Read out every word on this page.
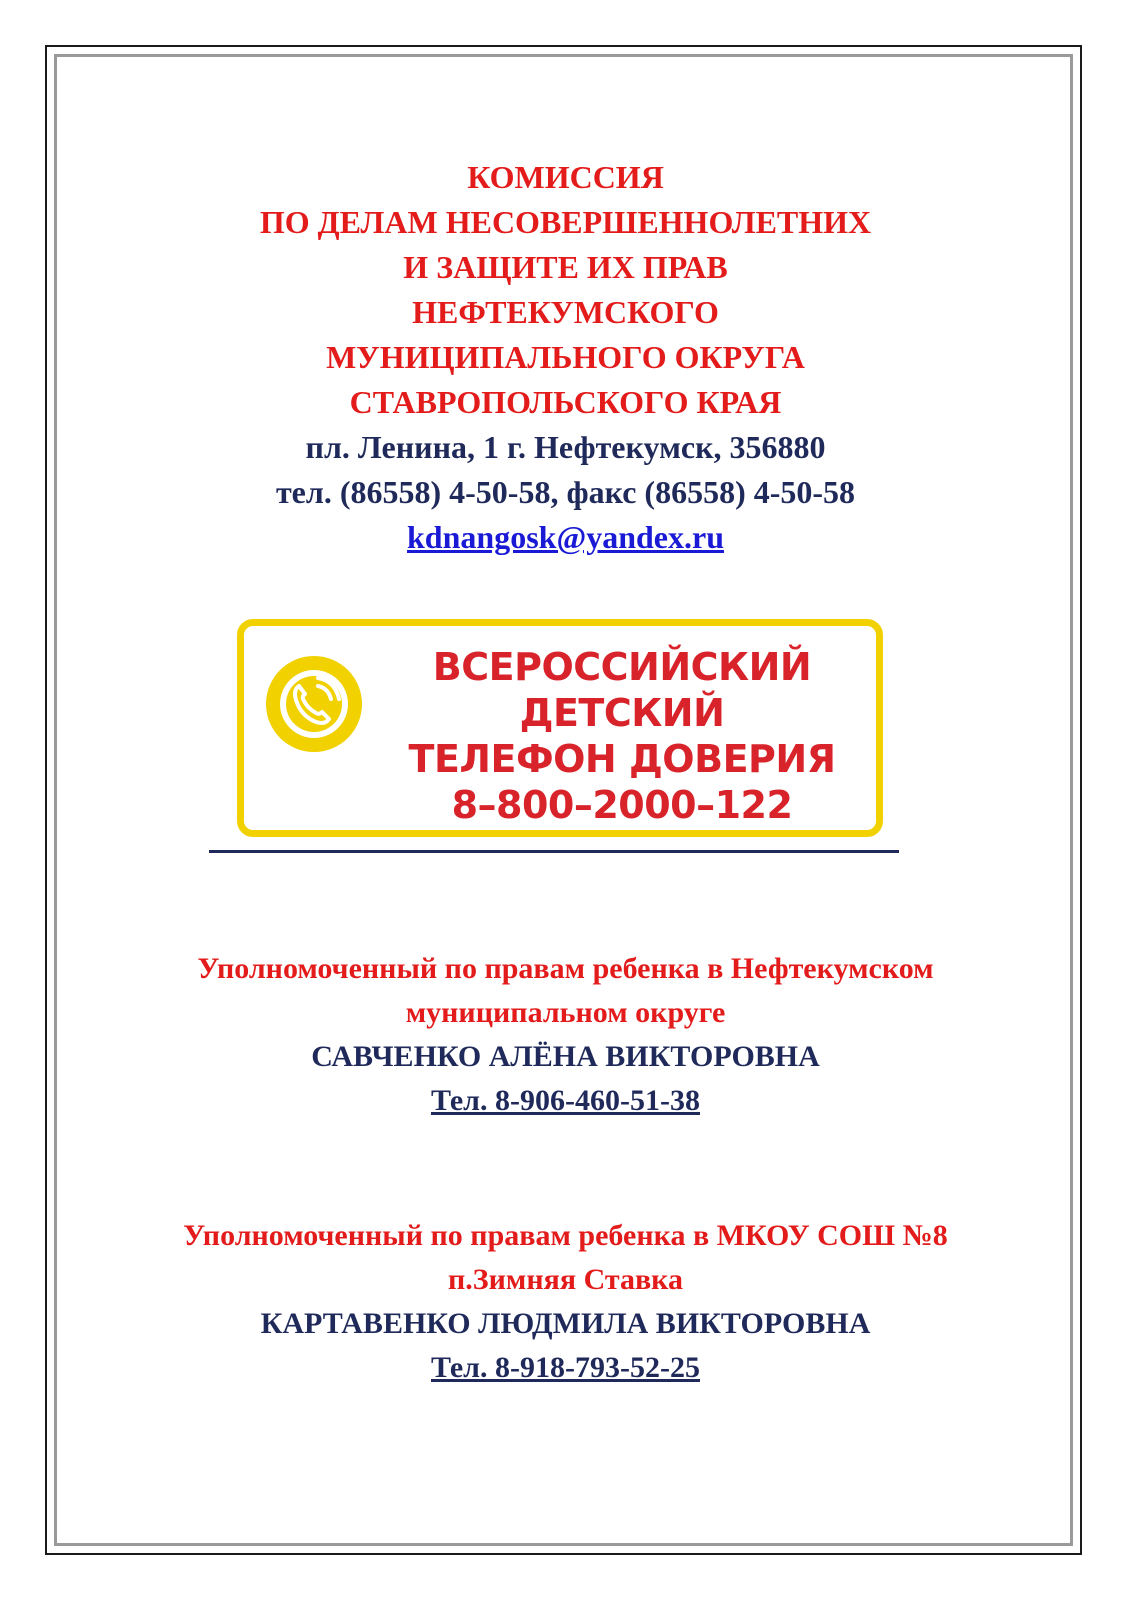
КОМИССИЯ
ПО ДЕЛАМ НЕСОВЕРШЕННОЛЕТНИХ
И ЗАЩИТЕ ИХ ПРАВ
НЕФТЕКУМСКОГО
МУНИЦИПАЛЬНОГО ОКРУГА
СТАВРОПОЛЬСКОГО КРАЯ
пл. Ленина, 1 г. Нефтекумск, 356880
тел. (86558) 4-50-58, факс (86558) 4-50-58
kdnangosk@yandex.ru
ВСЕРОССИЙСКИЙ
ДЕТСКИЙ
ТЕЛЕФОН ДОВЕРИЯ
8–800–2000–122
Уполномоченный по правам ребенка в Нефтекумском
муниципальном округе
САВЧЕНКО АЛЁНА ВИКТОРОВНА
Тел. 8-906-460-51-38
Уполномоченный по правам ребенка в МКОУ СОШ №8
п.Зимняя Ставка
КАРТАВЕНКО ЛЮДМИЛА ВИКТОРОВНА
Тел. 8-918-793-52-25
